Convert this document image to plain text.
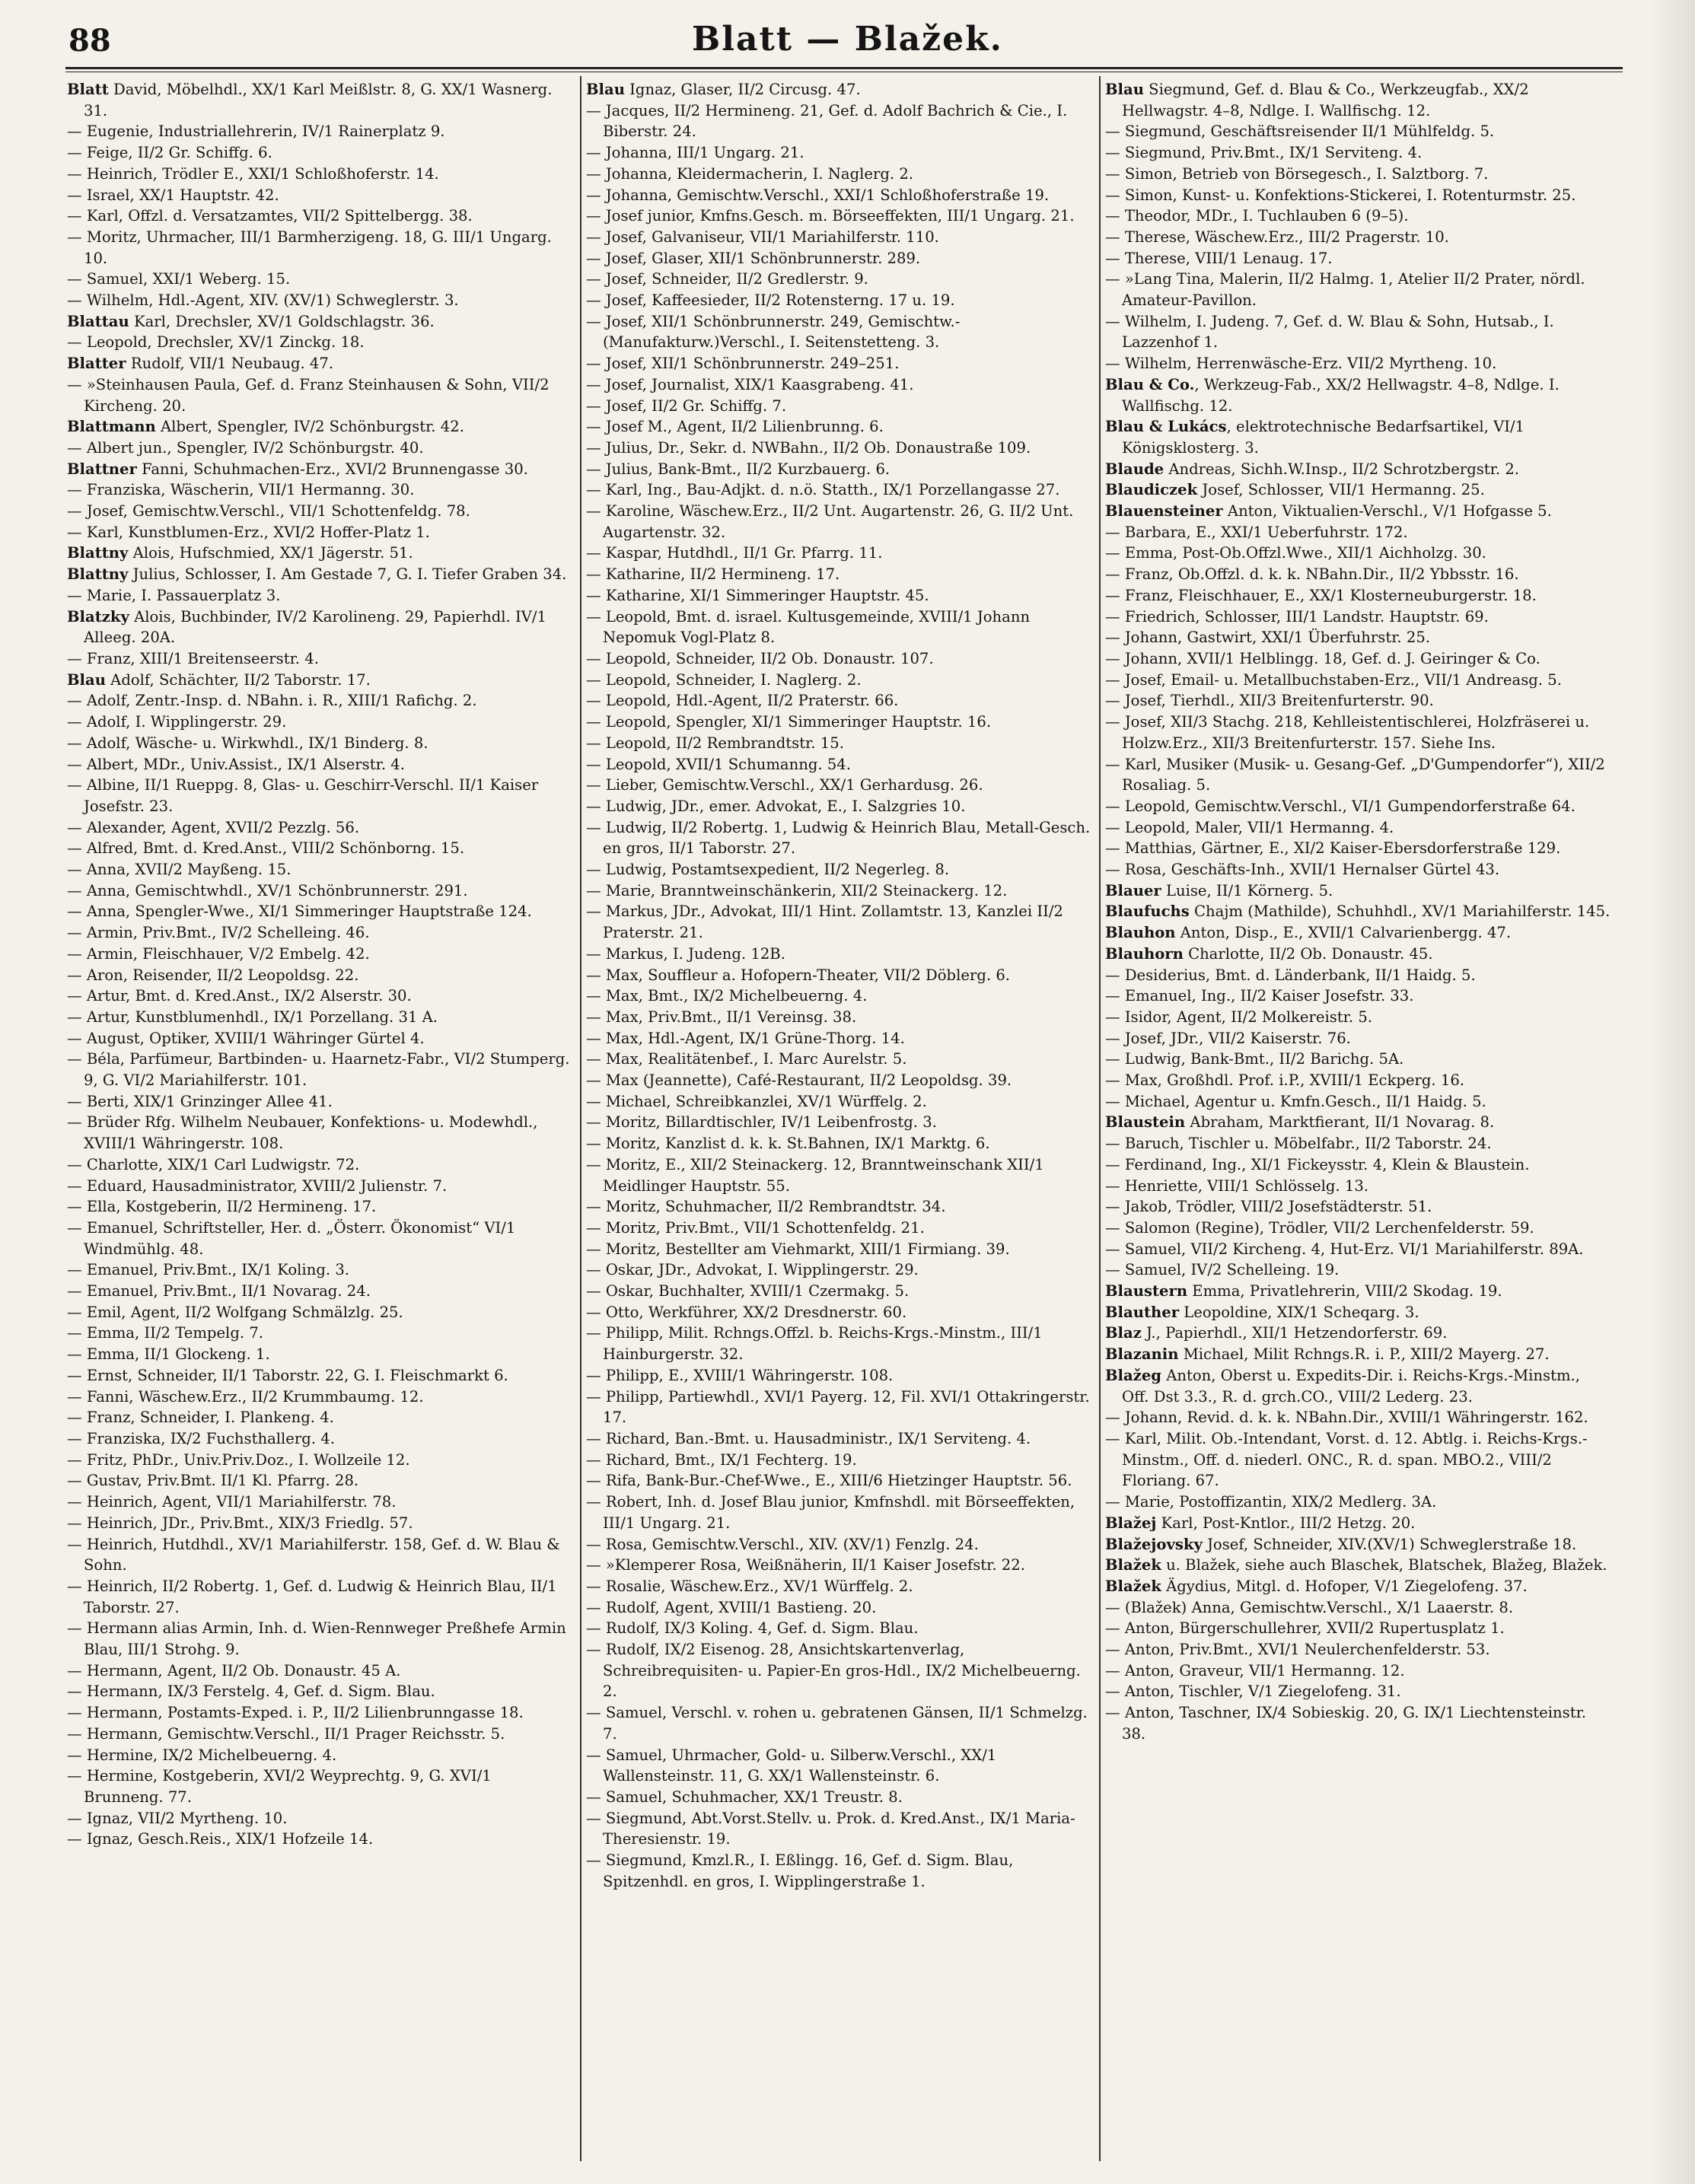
88	Blatt — Blažek.

Blatt David, Möbelhdl., XX/1 Karl Meißlstr. 8, G. XX/1 Wasnerg. 31.

— Eugenie, Industriallehrerin, IV/1 Rainerplatz 9.

— Feige, II/2 Gr. Schiffg. 6.

— Heinrich, Trödler E., XXI/1 Schloßhoferstr. 14.

— Israel, XX/1 Hauptstr. 42.

— Karl, Offzl. d. Versatzamtes, VII/2 Spittelbergg. 38.

— Moritz, Uhrmacher, III/1 Barmherzigeng. 18, G. III/1 Ungarg. 10.

— Samuel, XXI/1 Weberg. 15.

— Wilhelm, Hdl.-Agent, XIV. (XV/1) Schweglerstr. 3.

Blattau Karl, Drechsler, XV/1 Goldschlagstr. 36.

— Leopold, Drechsler, XV/1 Zinckg. 18.

Blatter Rudolf, VII/1 Neubaug. 47.

— »Steinhausen Paula, Gef. d. Franz Steinhausen & Sohn, VII/2 Kircheng. 20.

Blattmann Albert, Spengler, IV/2 Schönburgstr. 42.

— Albert jun., Spengler, IV/2 Schönburgstr. 40.

Blattner Fanni, Schuhmachen-Erz., XVI/2 Brunnengasse 30.

— Franziska, Wäscherin, VII/1 Hermanng. 30.

— Josef, Gemischtw.Verschl., VII/1 Schottenfeldg. 78.

— Karl, Kunstblumen-Erz., XVI/2 Hoffer-Platz 1.

Blattny Alois, Hufschmied, XX/1 Jägerstr. 51.

Blattny Julius, Schlosser, I. Am Gestade 7, G. I. Tiefer Graben 34.

— Marie, I. Passauerplatz 3.

Blatzky Alois, Buchbinder, IV/2 Karolineng. 29, Papierhdl. IV/1 Alleeg. 20A.

— Franz, XIII/1 Breitenseerstr. 4.

Blau Adolf, Schächter, II/2 Taborstr. 17.

— Adolf, Zentr.-Insp. d. NBahn. i. R., XIII/1 Rafichg. 2.

— Adolf, I. Wipplingerstr. 29.

— Adolf, Wäsche- u. Wirkwhdl., IX/1 Binderg. 8.

— Albert, MDr., Univ.Assist., IX/1 Alserstr. 4.

— Albine, II/1 Rueppg. 8, Glas- u. Geschirr-Verschl. II/1 Kaiser Josefstr. 23.

— Alexander, Agent, XVII/2 Pezzlg. 56.

— Alfred, Bmt. d. Kred.Anst., VIII/2 Schönborng. 15.

— Anna, XVII/2 Mayßeng. 15.

— Anna, Gemischtwhdl., XV/1 Schönbrunnerstr. 291.

— Anna, Spengler-Wwe., XI/1 Simmeringer Hauptstraße 124.

— Armin, Priv.Bmt., IV/2 Schelleing. 46.

— Armin, Fleischhauer, V/2 Embelg. 42.

— Aron, Reisender, II/2 Leopoldsg. 22.

— Artur, Bmt. d. Kred.Anst., IX/2 Alserstr. 30.

— Artur, Kunstblumenhdl., IX/1 Porzellang. 31 A.

— August, Optiker, XVIII/1 Währinger Gürtel 4.

— Béla, Parfümeur, Bartbinden- u. Haarnetz-Fabr., VI/2 Stumperg. 9, G. VI/2 Mariahilferstr. 101.

— Berti, XIX/1 Grinzinger Allee 41.

— Brüder Rfg. Wilhelm Neubauer, Konfektions- u. Modewhdl., XVIII/1 Währingerstr. 108.

— Charlotte, XIX/1 Carl Ludwigstr. 72.

— Eduard, Hausadministrator, XVIII/2 Julienstr. 7.

— Ella, Kostgeberin, II/2 Hermineng. 17.

— Emanuel, Schriftsteller, Her. d. „Österr. Ökonomist“ VI/1 Windmühlg. 48.

— Emanuel, Priv.Bmt., IX/1 Koling. 3.

— Emanuel, Priv.Bmt., II/1 Novarag. 24.

— Emil, Agent, II/2 Wolfgang Schmälzlg. 25.

— Emma, II/2 Tempelg. 7.

— Emma, II/1 Glockeng. 1.

— Ernst, Schneider, II/1 Taborstr. 22, G. I. Fleischmarkt 6.

— Fanni, Wäschew.Erz., II/2 Krummbaumg. 12.

— Franz, Schneider, I. Plankeng. 4.

— Franziska, IX/2 Fuchsthallerg. 4.

— Fritz, PhDr., Univ.Priv.Doz., I. Wollzeile 12.

— Gustav, Priv.Bmt. II/1 Kl. Pfarrg. 28.

— Heinrich, Agent, VII/1 Mariahilferstr. 78.

— Heinrich, JDr., Priv.Bmt., XIX/3 Friedlg. 57.

— Heinrich, Hutdhdl., XV/1 Mariahilferstr. 158, Gef. d. W. Blau & Sohn.

— Heinrich, II/2 Robertg. 1, Gef. d. Ludwig & Heinrich Blau, II/1 Taborstr. 27.

— Hermann alias Armin, Inh. d. Wien-Rennweger Preßhefe Armin Blau, III/1 Strohg. 9.

— Hermann, Agent, II/2 Ob. Donaustr. 45 A.

— Hermann, IX/3 Ferstelg. 4, Gef. d. Sigm. Blau.

— Hermann, Postamts-Exped. i. P., II/2 Lilienbrunngasse 18.

— Hermann, Gemischtw.Verschl., II/1 Prager Reichsstr. 5.

— Hermine, IX/2 Michelbeuerng. 4.

— Hermine, Kostgeberin, XVI/2 Weyprechtg. 9, G. XVI/1 Brunneng. 77.

— Ignaz, VII/2 Myrtheng. 10.

— Ignaz, Gesch.Reis., XIX/1 Hofzeile 14.

Blau Ignaz, Glaser, II/2 Circusg. 47.

— Jacques, II/2 Hermineng. 21, Gef. d. Adolf Bachrich & Cie., I. Biberstr. 24.

— Johanna, III/1 Ungarg. 21.

— Johanna, Kleidermacherin, I. Naglerg. 2.

— Johanna, Gemischtw.Verschl., XXI/1 Schloßhoferstraße 19.

— Josef junior, Kmfns.Gesch. m. Börseeffekten, III/1 Ungarg. 21.

— Josef, Galvaniseur, VII/1 Mariahilferstr. 110.

— Josef, Glaser, XII/1 Schönbrunnerstr. 289.

— Josef, Schneider, II/2 Gredlerstr. 9.

— Josef, Kaffeesieder, II/2 Rotensterng. 17 u. 19.

— Josef, XII/1 Schönbrunnerstr. 249, Gemischtw.-(Manufakturw.)Verschl., I. Seitenstetteng. 3.

— Josef, XII/1 Schönbrunnerstr. 249–251.

— Josef, Journalist, XIX/1 Kaasgrabeng. 41.

— Josef, II/2 Gr. Schiffg. 7.

— Josef M., Agent, II/2 Lilienbrunng. 6.

— Julius, Dr., Sekr. d. NWBahn., II/2 Ob. Donaustraße 109.

— Julius, Bank-Bmt., II/2 Kurzbauerg. 6.

— Karl, Ing., Bau-Adjkt. d. n.ö. Statth., IX/1 Porzellangasse 27.

— Karoline, Wäschew.Erz., II/2 Unt. Augartenstr. 26, G. II/2 Unt. Augartenstr. 32.

— Kaspar, Hutdhdl., II/1 Gr. Pfarrg. 11.

— Katharine, II/2 Hermineng. 17.

— Katharine, XI/1 Simmeringer Hauptstr. 45.

— Leopold, Bmt. d. israel. Kultusgemeinde, XVIII/1 Johann Nepomuk Vogl-Platz 8.

— Leopold, Schneider, II/2 Ob. Donaustr. 107.

— Leopold, Schneider, I. Naglerg. 2.

— Leopold, Hdl.-Agent, II/2 Praterstr. 66.

— Leopold, Spengler, XI/1 Simmeringer Hauptstr. 16.

— Leopold, II/2 Rembrandtstr. 15.

— Leopold, XVII/1 Schumanng. 54.

— Lieber, Gemischtw.Verschl., XX/1 Gerhardusg. 26.

— Ludwig, JDr., emer. Advokat, E., I. Salzgries 10.

— Ludwig, II/2 Robertg. 1, Ludwig & Heinrich Blau, Metall-Gesch. en gros, II/1 Taborstr. 27.

— Ludwig, Postamtsexpedient, II/2 Negerleg. 8.

— Marie, Branntweinschänkerin, XII/2 Steinackerg. 12.

— Markus, JDr., Advokat, III/1 Hint. Zollamtstr. 13, Kanzlei II/2 Praterstr. 21.

— Markus, I. Judeng. 12B.

— Max, Souffleur a. Hofopern-Theater, VII/2 Döblerg. 6.

— Max, Bmt., IX/2 Michelbeuerng. 4.

— Max, Priv.Bmt., II/1 Vereinsg. 38.

— Max, Hdl.-Agent, IX/1 Grüne-Thorg. 14.

— Max, Realitätenbef., I. Marc Aurelstr. 5.

— Max (Jeannette), Café-Restaurant, II/2 Leopoldsg. 39.

— Michael, Schreibkanzlei, XV/1 Würffelg. 2.

— Moritz, Billardtischler, IV/1 Leibenfrostg. 3.

— Moritz, Kanzlist d. k. k. St.Bahnen, IX/1 Marktg. 6.

— Moritz, E., XII/2 Steinackerg. 12, Branntweinschank XII/1 Meidlinger Hauptstr. 55.

— Moritz, Schuhmacher, II/2 Rembrandtstr. 34.

— Moritz, Priv.Bmt., VII/1 Schottenfeldg. 21.

— Moritz, Bestellter am Viehmarkt, XIII/1 Firmiang. 39.

— Oskar, JDr., Advokat, I. Wipplingerstr. 29.

— Oskar, Buchhalter, XVIII/1 Czermakg. 5.

— Otto, Werkführer, XX/2 Dresdnerstr. 60.

— Philipp, Milit. Rchngs.Offzl. b. Reichs-Krgs.-Minstm., III/1 Hainburgerstr. 32.

— Philipp, E., XVIII/1 Währingerstr. 108.

— Philipp, Partiewhdl., XVI/1 Payerg. 12, Fil. XVI/1 Ottakringerstr. 17.

— Richard, Ban.-Bmt. u. Hausadministr., IX/1 Serviteng. 4.

— Richard, Bmt., IX/1 Fechterg. 19.

— Rifa, Bank-Bur.-Chef-Wwe., E., XIII/6 Hietzinger Hauptstr. 56.

— Robert, Inh. d. Josef Blau junior, Kmfnshdl. mit Börseeffekten, III/1 Ungarg. 21.

— Rosa, Gemischtw.Verschl., XIV. (XV/1) Fenzlg. 24.

— »Klemperer Rosa, Weißnäherin, II/1 Kaiser Josefstr. 22.

— Rosalie, Wäschew.Erz., XV/1 Würffelg. 2.

— Rudolf, Agent, XVIII/1 Bastieng. 20.

— Rudolf, IX/3 Koling. 4, Gef. d. Sigm. Blau.

— Rudolf, IX/2 Eisenog. 28, Ansichtskartenverlag, Schreibrequisiten- u. Papier-En gros-Hdl., IX/2 Michelbeuerng. 2.

— Samuel, Verschl. v. rohen u. gebratenen Gänsen, II/1 Schmelzg. 7.

— Samuel, Uhrmacher, Gold- u. Silberw.Verschl., XX/1 Wallensteinstr. 11, G. XX/1 Wallensteinstr. 6.

— Samuel, Schuhmacher, XX/1 Treustr. 8.

— Siegmund, Abt.Vorst.Stellv. u. Prok. d. Kred.Anst., IX/1 Maria-Theresienstr. 19.

— Siegmund, Kmzl.R., I. Eßlingg. 16, Gef. d. Sigm. Blau, Spitzenhdl. en gros, I. Wipplingerstraße 1.

Blau Siegmund, Gef. d. Blau & Co., Werkzeugfab., XX/2 Hellwagstr. 4–8, Ndlge. I. Wallfischg. 12.

— Siegmund, Geschäftsreisender II/1 Mühlfeldg. 5.

— Siegmund, Priv.Bmt., IX/1 Serviteng. 4.

— Simon, Betrieb von Börsegesch., I. Salztborg. 7.

— Simon, Kunst- u. Konfektions-Stickerei, I. Rotenturmstr. 25.

— Theodor, MDr., I. Tuchlauben 6 (9–5).

— Therese, Wäschew.Erz., III/2 Pragerstr. 10.

— Therese, VIII/1 Lenaug. 17.

— »Lang Tina, Malerin, II/2 Halmg. 1, Atelier II/2 Prater, nördl. Amateur-Pavillon.

— Wilhelm, I. Judeng. 7, Gef. d. W. Blau & Sohn, Hutsab., I. Lazzenhof 1.

— Wilhelm, Herrenwäsche-Erz. VII/2 Myrtheng. 10.

Blau & Co., Werkzeug-Fab., XX/2 Hellwagstr. 4–8, Ndlge. I. Wallfischg. 12.

Blau & Lukács, elektrotechnische Bedarfsartikel, VI/1 Königsklosterg. 3.

Blaude Andreas, Sichh.W.Insp., II/2 Schrotzbergstr. 2.

Blaudiczek Josef, Schlosser, VII/1 Hermanng. 25.

Blauensteiner Anton, Viktualien-Verschl., V/1 Hofgasse 5.

— Barbara, E., XXI/1 Ueberfuhrstr. 172.

— Emma, Post-Ob.Offzl.Wwe., XII/1 Aichholzg. 30.

— Franz, Ob.Offzl. d. k. k. NBahn.Dir., II/2 Ybbsstr. 16.

— Franz, Fleischhauer, E., XX/1 Klosterneuburgerstr. 18.

— Friedrich, Schlosser, III/1 Landstr. Hauptstr. 69.

— Johann, Gastwirt, XXI/1 Überfuhrstr. 25.

— Johann, XVII/1 Helblingg. 18, Gef. d. J. Geiringer & Co.

— Josef, Email- u. Metallbuchstaben-Erz., VII/1 Andreasg. 5.

— Josef, Tierhdl., XII/3 Breitenfurterstr. 90.

— Josef, XII/3 Stachg. 218, Kehlleistentischlerei, Holzfräserei u. Holzw.Erz., XII/3 Breitenfurterstr. 157. Siehe Ins.

— Karl, Musiker (Musik- u. Gesang-Gef. „D'Gumpendorfer“), XII/2 Rosaliag. 5.

— Leopold, Gemischtw.Verschl., VI/1 Gumpendorferstraße 64.

— Leopold, Maler, VII/1 Hermanng. 4.

— Matthias, Gärtner, E., XI/2 Kaiser-Ebersdorferstraße 129.

— Rosa, Geschäfts-Inh., XVII/1 Hernalser Gürtel 43.

Blauer Luise, II/1 Körnerg. 5.

Blaufuchs Chajm (Mathilde), Schuhhdl., XV/1 Mariahilferstr. 145.

Blauhon Anton, Disp., E., XVII/1 Calvarienbergg. 47.

Blauhorn Charlotte, II/2 Ob. Donaustr. 45.

— Desiderius, Bmt. d. Länderbank, II/1 Haidg. 5.

— Emanuel, Ing., II/2 Kaiser Josefstr. 33.

— Isidor, Agent, II/2 Molkereistr. 5.

— Josef, JDr., VII/2 Kaiserstr. 76.

— Ludwig, Bank-Bmt., II/2 Barichg. 5A.

— Max, Großhdl. Prof. i.P., XVIII/1 Eckperg. 16.

— Michael, Agentur u. Kmfn.Gesch., II/1 Haidg. 5.

Blaustein Abraham, Marktfierant, II/1 Novarag. 8.

— Baruch, Tischler u. Möbelfabr., II/2 Taborstr. 24.

— Ferdinand, Ing., XI/1 Fickeysstr. 4, Klein & Blaustein.

— Henriette, VIII/1 Schlösselg. 13.

— Jakob, Trödler, VIII/2 Josefstädterstr. 51.

— Salomon (Regine), Trödler, VII/2 Lerchenfelderstr. 59.

— Samuel, VII/2 Kircheng. 4, Hut-Erz. VI/1 Mariahilferstr. 89A.

— Samuel, IV/2 Schelleing. 19.

Blaustern Emma, Privatlehrerin, VIII/2 Skodag. 19.

Blauther Leopoldine, XIX/1 Scheqarg. 3.

Blaz J., Papierhdl., XII/1 Hetzendorferstr. 69.

Blazanin Michael, Milit Rchngs.R. i. P., XIII/2 Mayerg. 27.

Blažeg Anton, Oberst u. Expedits-Dir. i. Reichs-Krgs.-Minstm., Off. Dst 3.3., R. d. grch.CO., VIII/2 Lederg. 23.

— Johann, Revid. d. k. k. NBahn.Dir., XVIII/1 Währingerstr. 162.

— Karl, Milit. Ob.-Intendant, Vorst. d. 12. Abtlg. i. Reichs-Krgs.-Minstm., Off. d. niederl. ONC., R. d. span. MBO.2., VIII/2 Floriang. 67.

— Marie, Postoffizantin, XIX/2 Medlerg. 3A.

Blažej Karl, Post-Kntlor., III/2 Hetzg. 20.

Blažejovsky Josef, Schneider, XIV.(XV/1) Schweglerstraße 18.

Blažek u. Blažek, siehe auch Blaschek, Blatschek, Blažeg, Blažek.

Blažek Ägydius, Mitgl. d. Hofoper, V/1 Ziegelofeng. 37.

— (Blažek) Anna, Gemischtw.Verschl., X/1 Laaerstr. 8.

— Anton, Bürgerschullehrer, XVII/2 Rupertusplatz 1.

— Anton, Priv.Bmt., XVI/1 Neulerchenfelderstr. 53.

— Anton, Graveur, VII/1 Hermanng. 12.

— Anton, Tischler, V/1 Ziegelofeng. 31.

— Anton, Taschner, IX/4 Sobieskig. 20, G. IX/1 Liechtensteinstr. 38.
